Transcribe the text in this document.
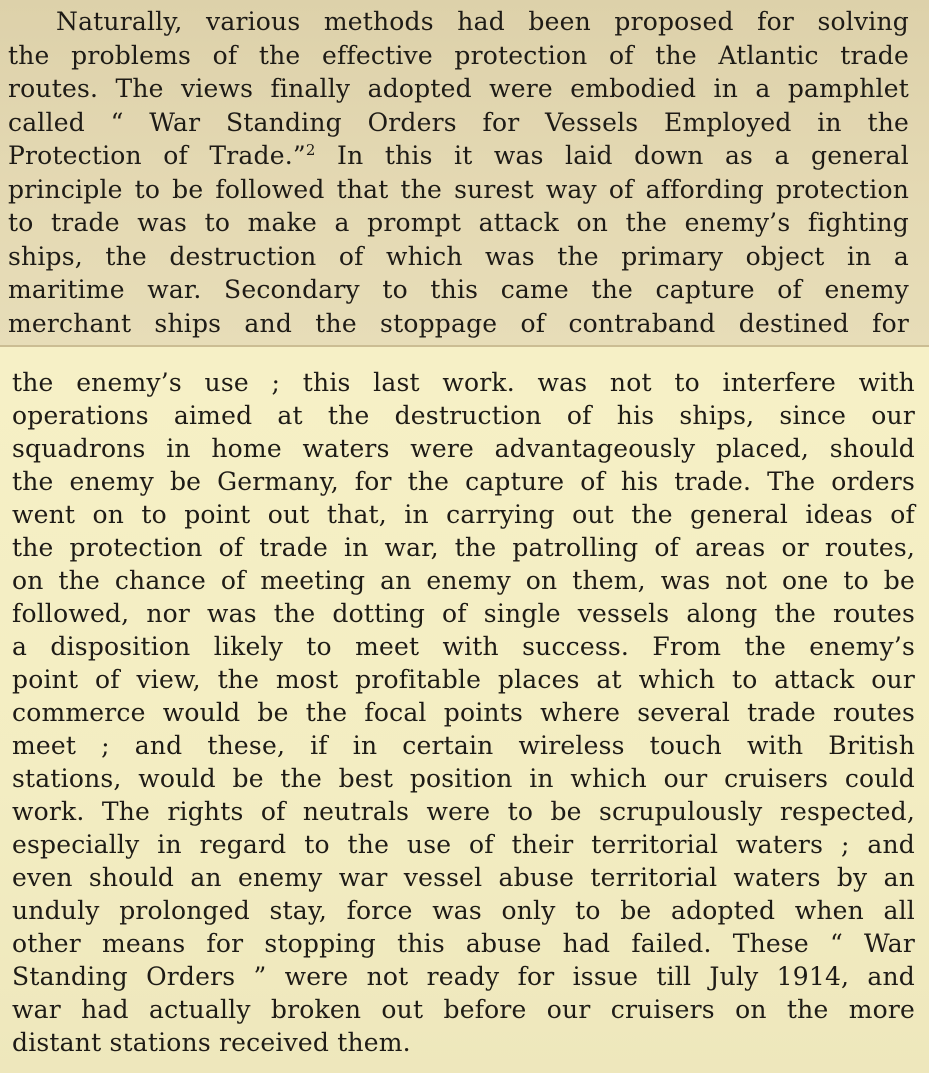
Naturally, various methods had been proposed for solving
the problems of the effective protection of the Atlantic trade
routes. The views finally adopted were embodied in a pamphlet
called “ War Standing Orders for Vessels Employed in the
Protection of Trade.”$^2$ In this it was laid down as a general
principle to be followed that the surest way of affording protection
to trade was to make a prompt attack on the enemy’s fighting
ships, the destruction of which was the primary object in a
maritime war. Secondary to this came the capture of enemy
merchant ships and the stoppage of contraband destined for
the enemy’s use ; this last work. was not to interfere with
operations aimed at the destruction of his ships, since our
squadrons in home waters were advantageously placed, should
the enemy be Germany, for the capture of his trade. The orders
went on to point out that, in carrying out the general ideas of
the protection of trade in war, the patrolling of areas or routes,
on the chance of meeting an enemy on them, was not one to be
followed, nor was the dotting of single vessels along the routes
a disposition likely to meet with success. From the enemy’s
point of view, the most profitable places at which to attack our
commerce would be the focal points where several trade routes
meet ; and these, if in certain wireless touch with British
stations, would be the best position in which our cruisers could
work. The rights of neutrals were to be scrupulously respected,
especially in regard to the use of their territorial waters ; and
even should an enemy war vessel abuse territorial waters by an
unduly prolonged stay, force was only to be adopted when all
other means for stopping this abuse had failed. These “ War
Standing Orders ” were not ready for issue till July 1914, and
war had actually broken out before our cruisers on the more
distant stations received them.
